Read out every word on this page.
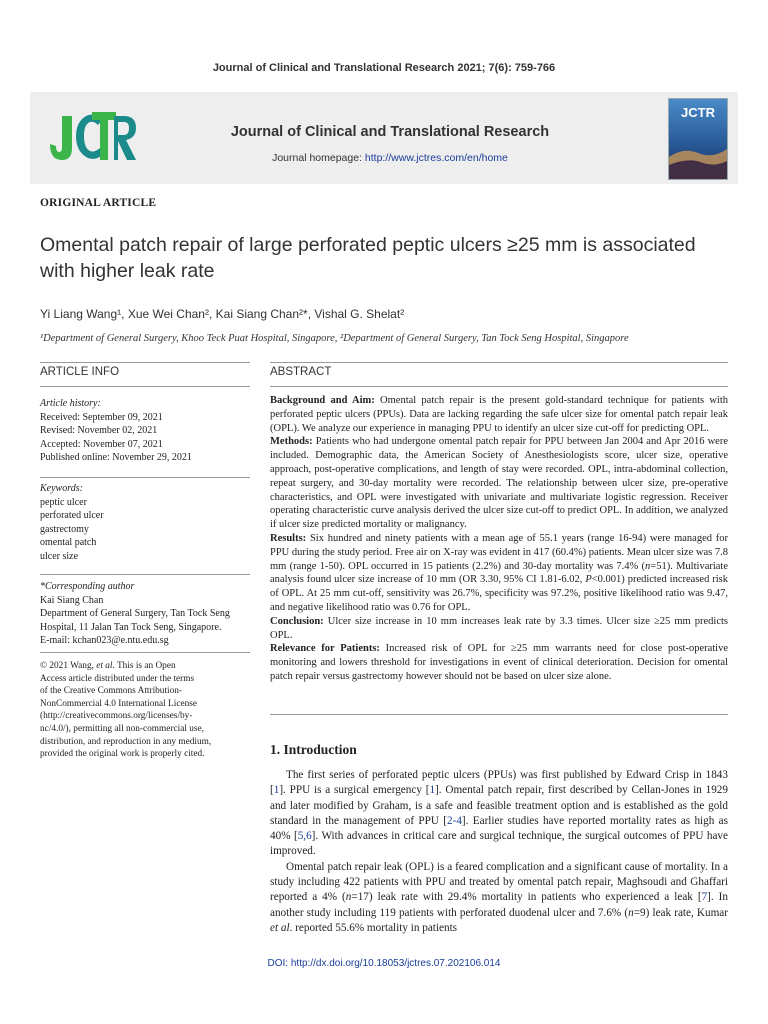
Journal of Clinical and Translational Research 2021; 7(6): 759-766
Journal of Clinical and Translational Research
Journal homepage: http://www.jctres.com/en/home
JCTR
ORIGINAL ARTICLE
Omental patch repair of large perforated peptic ulcers ≥25 mm is associated with higher leak rate
Yi Liang Wang¹, Xue Wei Chan², Kai Siang Chan²*, Vishal G. Shelat²
¹Department of General Surgery, Khoo Teck Puat Hospital, Singapore, ²Department of General Surgery, Tan Tock Seng Hospital, Singapore
ARTICLE INFO
Article history:
Received: September 09, 2021
Revised: November 02, 2021
Accepted: November 07, 2021
Published online: November 29, 2021
Keywords:
peptic ulcer
perforated ulcer
gastrectomy
omental patch
ulcer size
*Corresponding author
Kai Siang Chan
Department of General Surgery, Tan Tock Seng
Hospital, 11 Jalan Tan Tock Seng, Singapore.
E-mail: kchan023@e.ntu.edu.sg
© 2021 Wang, et al. This is an Open
Access article distributed under the terms
of the Creative Commons Attribution-
NonCommercial 4.0 International License
(http://creativecommons.org/licenses/by-
nc/4.0/), permitting all non-commercial use,
distribution, and reproduction in any medium,
provided the original work is properly cited.
ABSTRACT

Background and Aim: Omental patch repair is the present gold-standard technique for patients with perforated peptic ulcers (PPUs). Data are lacking regarding the safe ulcer size for omental patch repair leak (OPL). We analyze our experience in managing PPU to identify an ulcer size cut-off for predicting OPL.

Methods: Patients who had undergone omental patch repair for PPU between Jan 2004 and Apr 2016 were included. Demographic data, the American Society of Anesthesiologists score, ulcer size, operative approach, post-operative complications, and length of stay were recorded. OPL, intra-abdominal collection, repeat surgery, and 30-day mortality were recorded. The relationship between ulcer size, pre-operative characteristics, and OPL were investigated with univariate and multivariate logistic regression. Receiver operating characteristic curve analysis derived the ulcer size cut-off to predict OPL. In addition, we analyzed if ulcer size predicted mortality or malignancy.

Results: Six hundred and ninety patients with a mean age of 55.1 years (range 16-94) were managed for PPU during the study period. Free air on X-ray was evident in 417 (60.4%) patients. Mean ulcer size was 7.8 mm (range 1-50). OPL occurred in 15 patients (2.2%) and 30-day mortality was 7.4% (n=51). Multivariate analysis found ulcer size increase of 10 mm (OR 3.30, 95% CI 1.81-6.02, P<0.001) predicted increased risk of OPL. At 25 mm cut-off, sensitivity was 26.7%, specificity was 97.2%, positive likelihood ratio was 9.47, and negative likelihood ratio was 0.76 for OPL.

Conclusion: Ulcer size increase in 10 mm increases leak rate by 3.3 times. Ulcer size ≥25 mm predicts OPL.

Relevance for Patients: Increased risk of OPL for ≥25 mm warrants need for close post-operative monitoring and lowers threshold for investigations in event of clinical deterioration. Decision for omental patch repair versus gastrectomy however should not be based on ulcer size alone.

1. Introduction

The first series of perforated peptic ulcers (PPUs) was first published by Edward Crisp in 1843 [1]. PPU is a surgical emergency [1]. Omental patch repair, first described by Cellan-Jones in 1929 and later modified by Graham, is a safe and feasible treatment option and is established as the gold standard in the management of PPU [2-4]. Earlier studies have reported mortality rates as high as 40% [5,6]. With advances in critical care and surgical technique, the surgical outcomes of PPU have improved.

Omental patch repair leak (OPL) is a feared complication and a significant cause of mortality. In a study including 422 patients with PPU and treated by omental patch repair, Maghsoudi and Ghaffari reported a 4% (n=17) leak rate with 29.4% mortality in patients who experienced a leak [7]. In another study including 119 patients with perforated duodenal ulcer and 7.6% (n=9) leak rate, Kumar et al. reported 55.6% mortality in patients

DOI: http://dx.doi.org/10.18053/jctres.07.202106.014
